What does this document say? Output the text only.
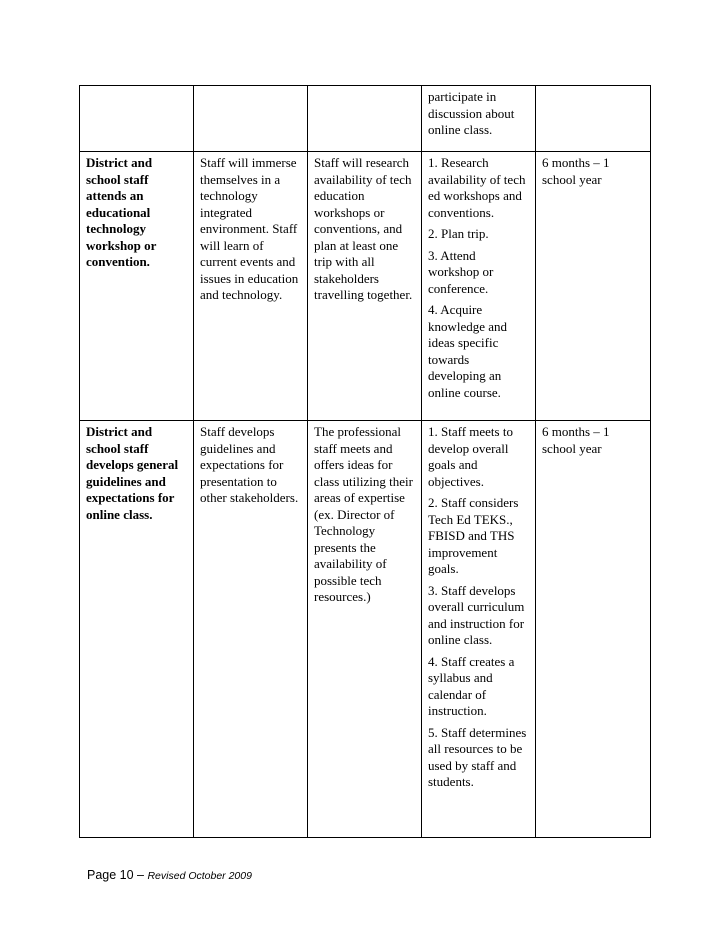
			participate in discussion about online class.	

District and school staff attends an educational technology workshop or convention.	Staff will immerse themselves in a technology integrated environment. Staff will learn of current events and issues in education and technology.	Staff will research availability of tech education workshops or conventions, and plan at least one trip with all stakeholders travelling together.	1. Research availability of tech ed workshops and conventions.
2. Plan trip.
3. Attend workshop or conference.
4. Acquire knowledge and ideas specific towards developing an online course.	6 months – 1 school year
District and school staff develops general guidelines and expectations for online class.	Staff develops guidelines and expectations for presentation to other stakeholders.	The professional staff meets and offers ideas for class utilizing their areas of expertise (ex. Director of Technology presents the availability of possible tech resources.)	1. Staff meets to develop overall goals and objectives.
2. Staff considers Tech Ed TEKS., FBISD and THS improvement goals.
3. Staff develops overall curriculum and instruction for online class.
4. Staff creates a syllabus and calendar of instruction.
5. Staff determines all resources to be used by staff and students.	6 months – 1 school year
Page 10 – Revised October 2009
